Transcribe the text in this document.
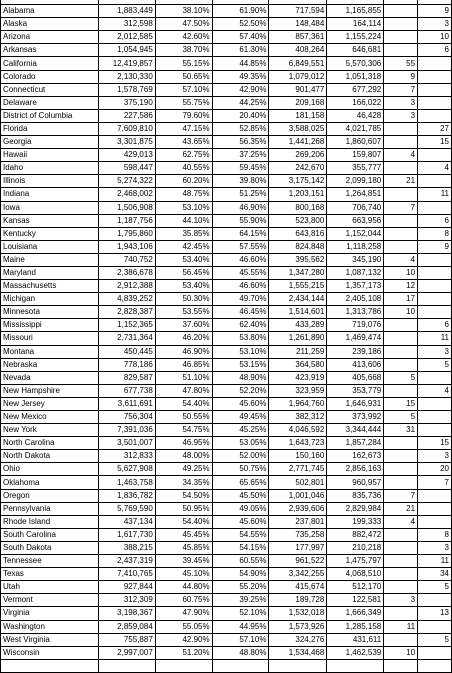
Alabama	1,883,449	38.10%	61.90%	717,594	1,165,855		9
Alaska	312,598	47.50%	52.50%	148,484	164,114		3
Arizona	2,012,585	42.60%	57.40%	857,361	1,155,224		10
Arkansas	1,054,945	38.70%	61.30%	408,264	646,681		6
California	12,419,857	55.15%	44.85%	6,849,551	5,570,306	55	
Colorado	2,130,330	50.65%	49.35%	1,079,012	1,051,318	9	
Connecticut	1,578,769	57.10%	42.90%	901,477	677,292	7	
Delaware	375,190	55.75%	44.25%	209,168	166,022	3	
District of Columbia	227,586	79.60%	20.40%	181,158	46,428	3	
Florida	7,609,810	47.15%	52.85%	3,588,025	4,021,785		27
Georgia	3,301,875	43.65%	56.35%	1,441,268	1,860,607		15
Hawaii	429,013	62.75%	37.25%	269,206	159,807	4	
Idaho	598,447	40.55%	59.45%	242,670	355,777		4
Illinois	5,274,322	60.20%	39.80%	3,175,142	2,099,180	21	
Indiana	2,468,002	48.75%	51.25%	1,203,151	1,264,851		11
Iowa	1,506,908	53.10%	46.90%	800,168	706,740	7	
Kansas	1,187,756	44.10%	55.90%	523,800	663,956		6
Kentucky	1,795,860	35.85%	64.15%	643,816	1,152,044		8
Louisiana	1,943,106	42.45%	57.55%	824,848	1,118,258		9
Maine	740,752	53.40%	46.60%	395,562	345,190	4	
Maryland	2,386,678	56.45%	45.55%	1,347,280	1,087,132	10	
Massachusetts	2,912,388	53.40%	46.60%	1,555,215	1,357,173	12	
Michigan	4,839,252	50.30%	49.70%	2,434,144	2,405,108	17	
Minnesota	2,828,387	53.55%	46.45%	1,514,601	1,313,786	10	
Mississippi	1,152,365	37.60%	62.40%	433,289	719,076		6
Missouri	2,731,364	46.20%	53.80%	1,261,890	1,469,474		11
Montana	450,445	46.90%	53.10%	211,259	239,186		3
Nebraska	778,186	46.85%	53.15%	364,580	413,606		5
Nevada	829,587	51.10%	48.90%	423,919	405,668	5	
New Hampshire	677,738	47.80%	52.20%	323,959	353,779		4
New Jersey	3,611,691	54.40%	45.60%	1,964,760	1,646,931	15	
New Mexico	756,304	50.55%	49.45%	382,312	373,992	5	
New York	7,391,036	54.75%	45.25%	4,046,592	3,344,444	31	
North Carolina	3,501,007	46.95%	53.05%	1,643,723	1,857,284		15
North Dakota	312,833	48.00%	52.00%	150,160	162,673		3
Ohio	5,627,908	49.25%	50.75%	2,771,745	2,856,163		20
Oklahoma	1,463,758	34.35%	65.65%	502,801	960,957		7
Oregon	1,836,782	54.50%	45.50%	1,001,046	835,736	7	
Pennsylvania	5,769,590	50.95%	49.05%	2,939,606	2,829,984	21	
Rhode Island	437,134	54.40%	45.60%	237,801	199,333	4	
South Carolina	1,617,730	45.45%	54.55%	735,258	882,472		8
South Dakota	388,215	45.85%	54.15%	177,997	210,218		3
Tennessee	2,437,319	39.45%	60.55%	961,522	1,475,797		11
Texas	7,410,765	45.10%	54.90%	3,342,255	4,068,510		34
Utah	927,844	44.80%	55.20%	415,674	512,170		5
Vermont	312,309	60.75%	39.25%	189,728	122,581	3	
Virginia	3,198,367	47.90%	52.10%	1,532,018	1,666,349		13
Washington	2,859,084	55.05%	44.95%	1,573,926	1,285,158	11	
West Virginia	755,887	42.90%	57.10%	324,276	431,611		5
Wisconsin	2,997,007	51.20%	48.80%	1,534,468	1,462,539	10	
